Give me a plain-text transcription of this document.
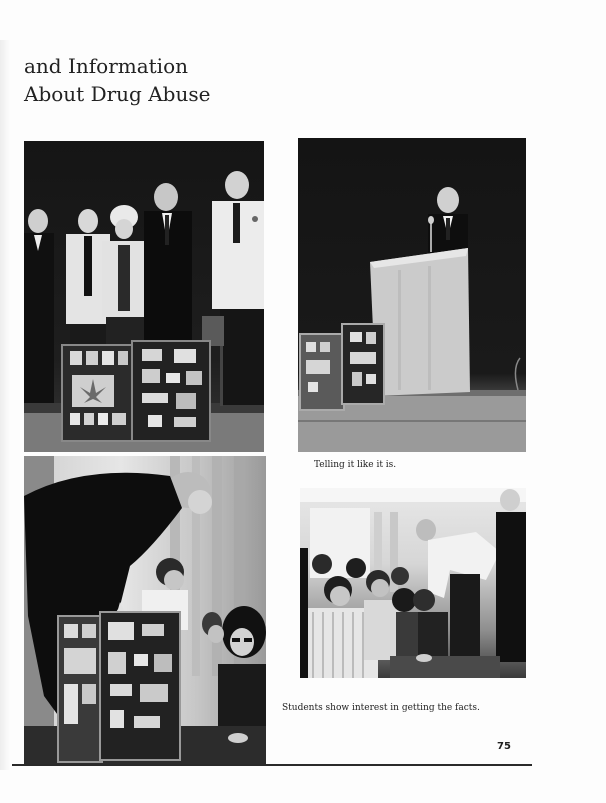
and Information
About Drug Abuse

Telling it like it is.

Students show interest in getting the facts.

75
